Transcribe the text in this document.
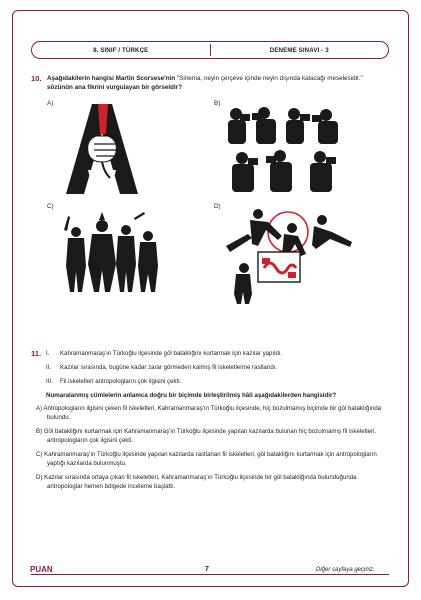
8. SINIF / TÜRKÇE	DENEME SINAVI - 3
10. Aşağıdakilerin hangisi Martin Scorsese'nin "Sinema, neyin çerçeve içinde neyin dışında kalacağı meselesidir." sözünün ana fikrini vurgulayan bir görseldir?
A)	B)
C)	D)
11. I. Kahramanmaraş'ın Türkoğlu ilçesinde göl bataklığını kurtarmak için kazılar yapıldı.
II. Kazılar sırasında, bugüne kadar zarar görmeden kalmış fil iskeletlerine rastlandı.
III. Fil iskeletleri antropologların çok ilgisini çekti.
Numaralanmış cümlelerin anlamca doğru bir biçimde birleştirilmiş hâli aşağıdakilerden hangisidir?
A) Antropologların ilgisini çeken fil iskeletleri, Kahramanmaraş'ın Türkoğlu ilçesinde, hiç bozulmamış biçimde bir göl bataklığında bulundu.
B) Göl batakliğını kurtarmak için Kahramanmaraş'ın Türkoğlu ilçesinde yapılan kazılarda bulunan hiç bozulmamış fil iskeletleri, antropologların çok ilgisini çekti.
C) Kahramanmaraş'ın Türkoğlu ilçesinde yapılan kazılarda rastlanan fil iskeletleri, göl batakliğını kurtarmak için antropologların yaptığı kazılarda bulunmuştu.
D) Kazılar sırasında ortaya çıkan fil iskeletleri, Kahramanmaraş'ın Türkoğlu ilçesinde bir göl batakliğında bulunduğunda antropologlar hemen bölgede inceleme başlattı.
PUAN	7	Diğer sayfaya geçiniz.
